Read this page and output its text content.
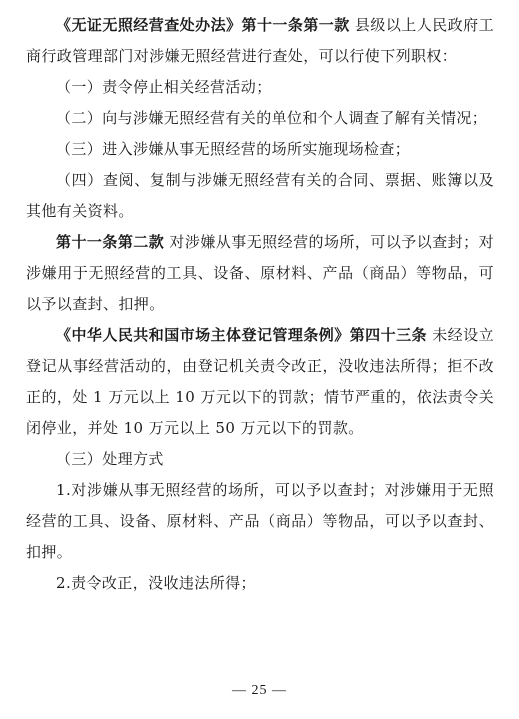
《无证无照经营查处办法》第十一条第一款 县级以上人民政府工商行政管理部门对涉嫌无照经营进行查处，可以行使下列职权：

（一）责令停止相关经营活动；

（二）向与涉嫌无照经营有关的单位和个人调查了解有关情况；

（三）进入涉嫌从事无照经营的场所实施现场检查；

（四）查阅、复制与涉嫌无照经营有关的合同、票据、账簿以及其他有关资料。

第十一条第二款 对涉嫌从事无照经营的场所，可以予以查封；对涉嫌用于无照经营的工具、设备、原材料、产品（商品）等物品，可以予以查封、扣押。

《中华人民共和国市场主体登记管理条例》第四十三条 未经设立登记从事经营活动的，由登记机关责令改正，没收违法所得；拒不改正的，处 1 万元以上 10 万元以下的罚款；情节严重的，依法责令关闭停业，并处 10 万元以上 50 万元以下的罚款。

（三）处理方式

1.对涉嫌从事无照经营的场所，可以予以查封；对涉嫌用于无照经营的工具、设备、原材料、产品（商品）等物品，可以予以查封、扣押。

2.责令改正，没收违法所得；

— 25 —
